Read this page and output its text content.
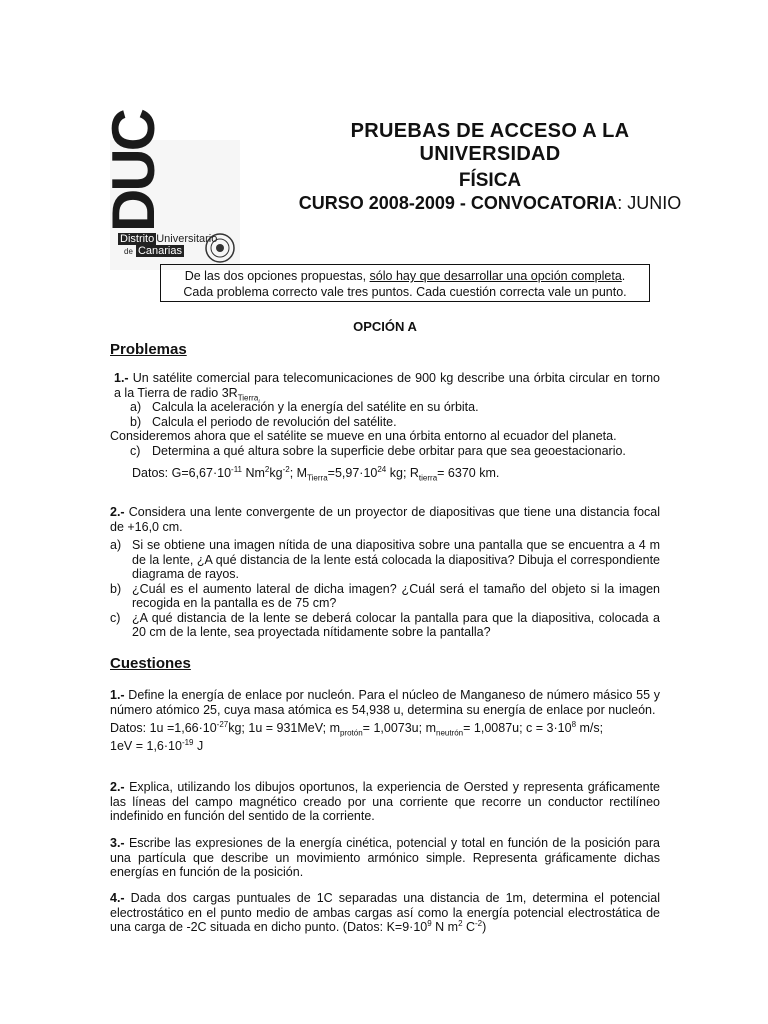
DUC
Distrito Universitario
de Canarias
PRUEBAS DE ACCESO A LA
UNIVERSIDAD
FÍSICA
CURSO 2008-2009 - CONVOCATORIA: JUNIO
De las dos opciones propuestas, sólo hay que desarrollar una opción completa.
Cada problema correcto vale tres puntos. Cada cuestión correcta vale un punto.
OPCIÓN A
Problemas
1.- Un satélite comercial para telecomunicaciones de 900 kg describe una órbita circular en torno a la Tierra de radio $3R_{Tierra.}$
a) Calcula la aceleración y la energía del satélite en su órbita.
b) Calcula el periodo de revolución del satélite.
Consideremos ahora que el satélite se mueve en una órbita entorno al ecuador del planeta.
c) Determina a qué altura sobre la superficie debe orbitar para que sea geoestacionario.
Datos: $G=6,67\cdot 10^{-11}$ $Nm^2kg^{-2}$; $M_{Tierra}=5,97\cdot 10^{24}$ kg; $R_{tierra}= 6370$ km.
2.- Considera una lente convergente de un proyector de diapositivas que tiene una distancia focal de +16,0 cm.
a) Si se obtiene una imagen nítida de una diapositiva sobre una pantalla que se encuentra a 4 m de la lente, ¿A qué distancia de la lente está colocada la diapositiva? Dibuja el correspondiente diagrama de rayos.
b) ¿Cuál es el aumento lateral de dicha imagen? ¿Cuál será el tamaño del objeto si la imagen recogida en la pantalla es de 75 cm?
c) ¿A qué distancia de la lente se deberá colocar la pantalla para que la diapositiva, colocada a 20 cm de la lente, sea proyectada nítidamente sobre la pantalla?
Cuestiones
1.- Define la energía de enlace por nucleón. Para el núcleo de Manganeso de número másico 55 y número atómico 25, cuya masa atómica es 54,938 u, determina su energía de enlace por nucleón.
Datos: $1u =1,66\cdot 10^{-27}kg$; 1u = 931MeV; $m_{protón}= 1,0073u$; $m_{neutrón}= 1,0087u$; $c = 3\cdot 10^8$ m/s;
$1eV = 1,6\cdot 10^{-19}$ J
2.- Explica, utilizando los dibujos oportunos, la experiencia de Oersted y representa gráficamente las líneas del campo magnético creado por una corriente que recorre un conductor rectilíneo indefinido en función del sentido de la corriente.
3.- Escribe las expresiones de la energía cinética, potencial y total en función de la posición para una partícula que describe un movimiento armónico simple. Representa gráficamente dichas energías en función de la posición.
4.- Dada dos cargas puntuales de 1C separadas una distancia de 1m, determina el potencial electrostático en el punto medio de ambas cargas así como la energía potencial electrostática de una carga de -2C situada en dicho punto. (Datos: $K=9\cdot 10^9$ N $m^2$ $C^{-2}$)
